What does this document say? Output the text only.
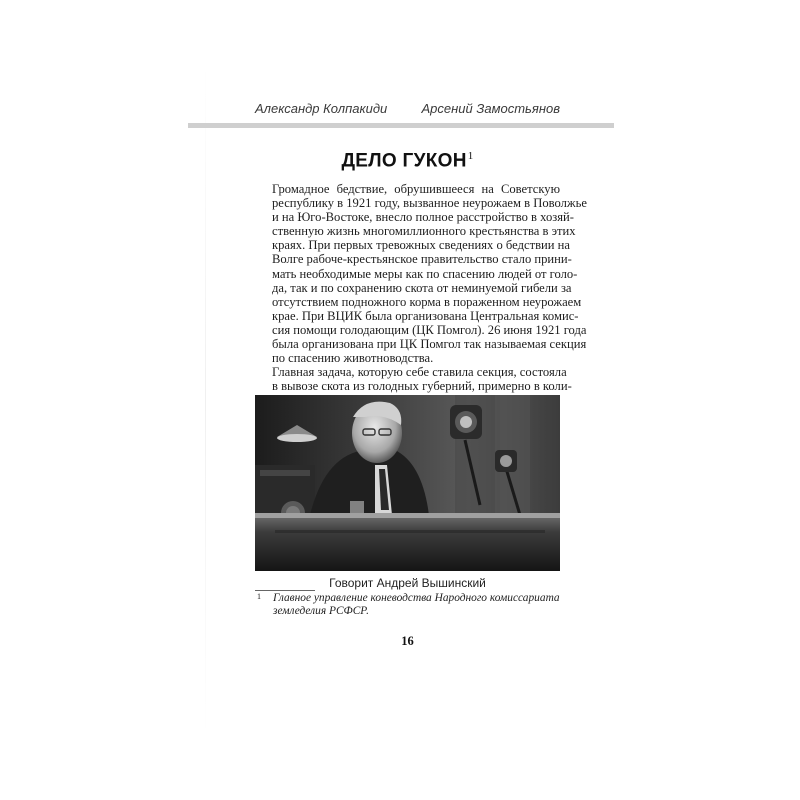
Александр Колпакиди	Арсений Замостьянов
ДЕЛО ГУКОН$^1$

Громадное бедствие, обрушившееся на Советскую
республику в 1921 году, вызванное неурожаем в Поволжье
и на Юго-Востоке, внесло полное расстройство в хозяй-
ственную жизнь многомиллионного крестьянства в этих
краях. При первых тревожных сведениях о бедствии на
Волге рабоче-крестьянское правительство стало прини-
мать необходимые меры как по спасению людей от голо-
да, так и по сохранению скота от неминуемой гибели за
отсутствием подножного корма в пораженном неурожаем
крае. При ВЦИК была организована Центральная комис-
сия помощи голодающим (ЦК Помгол). 26 июня 1921 года
была организована при ЦК Помгол так называемая секция
по спасению животноводства.

Главная задача, которую себе ставила секция, состояла
в вывозе скота из голодных губерний, примерно в коли-

Говорит Андрей Вышинский
1	Главное управление коневодства Народного комиссариата земледелия РСФСР.
16
